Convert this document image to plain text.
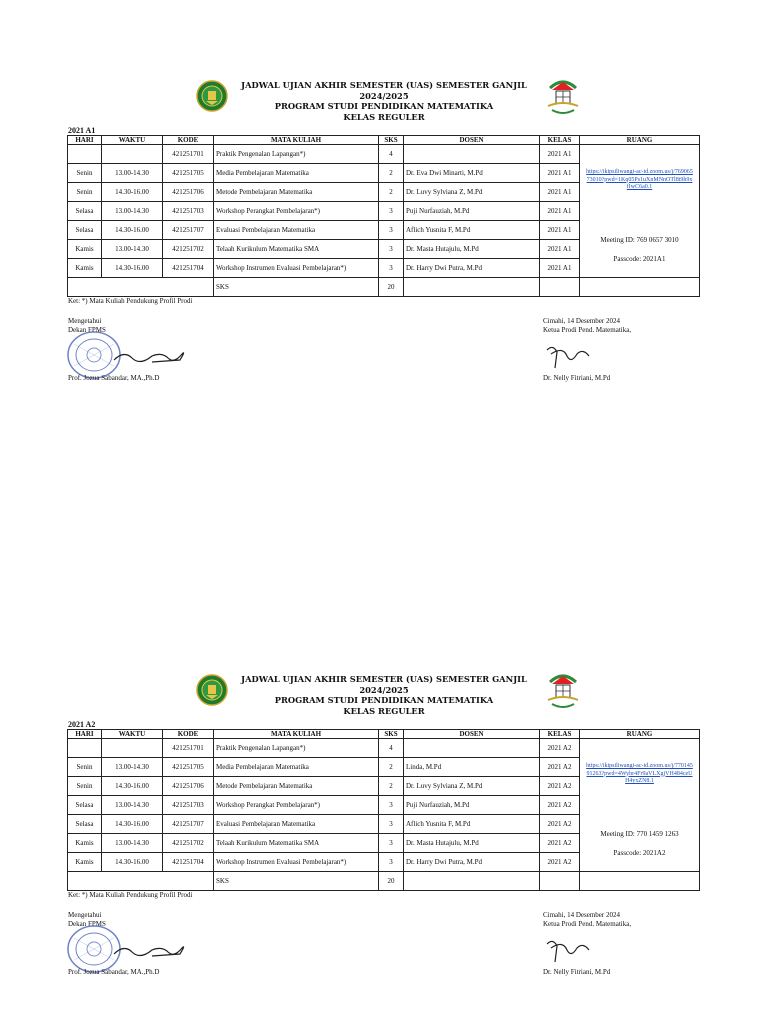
JADWAL UJIAN AKHIR SEMESTER (UAS) SEMESTER GANJIL 2024/2025
PROGRAM STUDI PENDIDIKAN MATEMATIKA
KELAS REGULER
2021 A1
HARI	WAKTU	KODE	MATA KULIAH	SKS	DOSEN	KELAS	RUANG
		421251701	Praktik Pengenalan Lapangan*)	4		2021 A1	https://ikipsiliwangi-ac-id.zoom.us/j/76906573010?pwd=1Kq05Ps1uXnMNnOTl8t9h9xfIwC6a0.1
Meeting ID: 769 0657 3010
Passcode: 2021A1

Senin	13.00-14.30	421251705	Media Pembelajaran Matematika	2	Dr. Eva Dwi Minarti, M.Pd	2021 A1	
Senin	14.30-16.00	421251706	Metode Pembelajaran Matematika	2	Dr. Luvy Sylviana Z, M.Pd	2021 A1	
Selasa	13.00-14.30	421251703	Workshop Perangkat Pembelajaran*)	3	Puji Nurfauziah, M.Pd	2021 A1	
Selasa	14.30-16.00	421251707	Evaluasi Pembelajaran Matematika	3	Aflich Yusnita F, M.Pd	2021 A1	
Kamis	13.00-14.30	421251702	Telaah Kurikulum Matematika SMA	3	Dr. Masta Hutajulu, M.Pd	2021 A1	
Kamis	14.30-16.00	421251704	Workshop Instrumen Evaluasi Pembelajaran*)	3	Dr. Harry Dwi Putra, M.Pd	2021 A1	
			SKS	20			
Ket: *) Mata Kuliah Pendukung Profil Prodi
Mengetahui
Dekan FPMS
Prof. Jozua Sabandar, MA.,Ph.D
Cimahi, 14 Desember 2024
Ketua Prodi Pend. Matematika,
Dr. Nelly Fitriani, M.Pd
JADWAL UJIAN AKHIR SEMESTER (UAS) SEMESTER GANJIL 2024/2025
PROGRAM STUDI PENDIDIKAN MATEMATIKA
KELAS REGULER
2021 A2
HARI	WAKTU	KODE	MATA KULIAH	SKS	DOSEN	KELAS	RUANG
		421251701	Praktik Pengenalan Lapangan*)	4		2021 A2	https://ikipsiliwangi-ac-id.zoom.us/j/77014591263?pwd=4Wyhr4Fr9aVLXgjVH484ceUH4yxZN8.1
Meeting ID: 770 1459 1263
Passcode: 2021A2

Senin	13.00-14.30	421251705	Media Pembelajaran Matematika	2	Linda, M.Pd	2021 A2	
Senin	14.30-16.00	421251706	Metode Pembelajaran Matematika	2	Dr. Luvy Sylviana Z, M.Pd	2021 A2	
Selasa	13.00-14.30	421251703	Workshop Perangkat Pembelajaran*)	3	Puji Nurfauziah, M.Pd	2021 A2	
Selasa	14.30-16.00	421251707	Evaluasi Pembelajaran Matematika	3	Aflich Yusnita F, M.Pd	2021 A2	
Kamis	13.00-14.30	421251702	Telaah Kurikulum Matematika SMA	3	Dr. Masta Hutajulu, M.Pd	2021 A2	
Kamis	14.30-16.00	421251704	Workshop Instrumen Evaluasi Pembelajaran*)	3	Dr. Harry Dwi Putra, M.Pd	2021 A2	
			SKS	20			
Ket: *) Mata Kuliah Pendukung Profil Prodi
Mengetahui
Dekan FPMS
Prof. Jozua Sabandar, MA.,Ph.D
Cimahi, 14 Desember 2024
Ketua Prodi Pend. Matematika,
Dr. Nelly Fitriani, M.Pd
